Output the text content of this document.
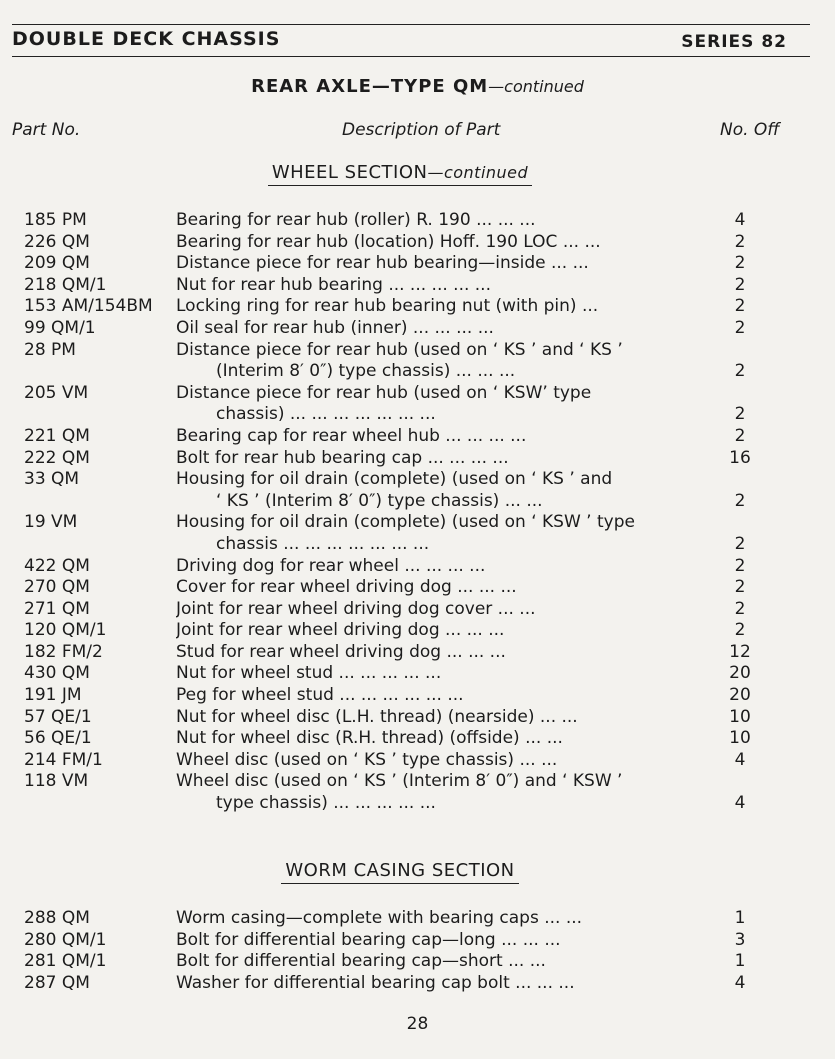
DOUBLE DECK CHASSIS	SERIES 82
REAR AXLE—TYPE QM—continued
Part No.	Description of Part	No. Off
WHEEL SECTION—continued
185 PM	Bearing for rear hub (roller) R. 190 ... ... ...	4
226 QM	Bearing for rear hub (location) Hoff. 190 LOC ... ...	2
209 QM	Distance piece for rear hub bearing—inside ... ...	2
218 QM/1	Nut for rear hub bearing ... ... ... ... ...	2
153 AM/154BM	Locking ring for rear hub bearing nut (with pin) ...	2
99 QM/1	Oil seal for rear hub (inner) ... ... ... ...	2
28 PM	Distance piece for rear hub (used on ‘ KS ’ and ‘ KS ’
(Interim 8′ 0″) type chassis) ... ... ...	2
205 VM	Distance piece for rear hub (used on ‘ KSW’ type
chassis) ... ... ... ... ... ... ...	2
221 QM	Bearing cap for rear wheel hub ... ... ... ...	2
222 QM	Bolt for rear hub bearing cap ... ... ... ...	16
33 QM	Housing for oil drain (complete) (used on ‘ KS ’ and
‘ KS ’ (Interim 8′ 0″) type chassis) ... ...	2
19 VM	Housing for oil drain (complete) (used on ‘ KSW ’ type
chassis ... ... ... ... ... ... ...	2
422 QM	Driving dog for rear wheel ... ... ... ...	2
270 QM	Cover for rear wheel driving dog ... ... ...	2
271 QM	Joint for rear wheel driving dog cover ... ...	2
120 QM/1	Joint for rear wheel driving dog ... ... ...	2
182 FM/2	Stud for rear wheel driving dog ... ... ...	12
430 QM	Nut for wheel stud ... ... ... ... ...	20
191 JM	Peg for wheel stud ... ... ... ... ... ...	20
57 QE/1	Nut for wheel disc (L.H. thread) (nearside) ... ...	10
56 QE/1	Nut for wheel disc (R.H. thread) (offside) ... ...	10
214 FM/1	Wheel disc (used on ‘ KS ’ type chassis) ... ...	4
118 VM	Wheel disc (used on ‘ KS ’ (Interim 8′ 0″) and ‘ KSW ’
type chassis) ... ... ... ... ...	4
WORM CASING SECTION
288 QM	Worm casing—complete with bearing caps ... ...	1
280 QM/1	Bolt for differential bearing cap—long ... ... ...	3
281 QM/1	Bolt for differential bearing cap—short ... ...	1
287 QM	Washer for differential bearing cap bolt ... ... ...	4
28
